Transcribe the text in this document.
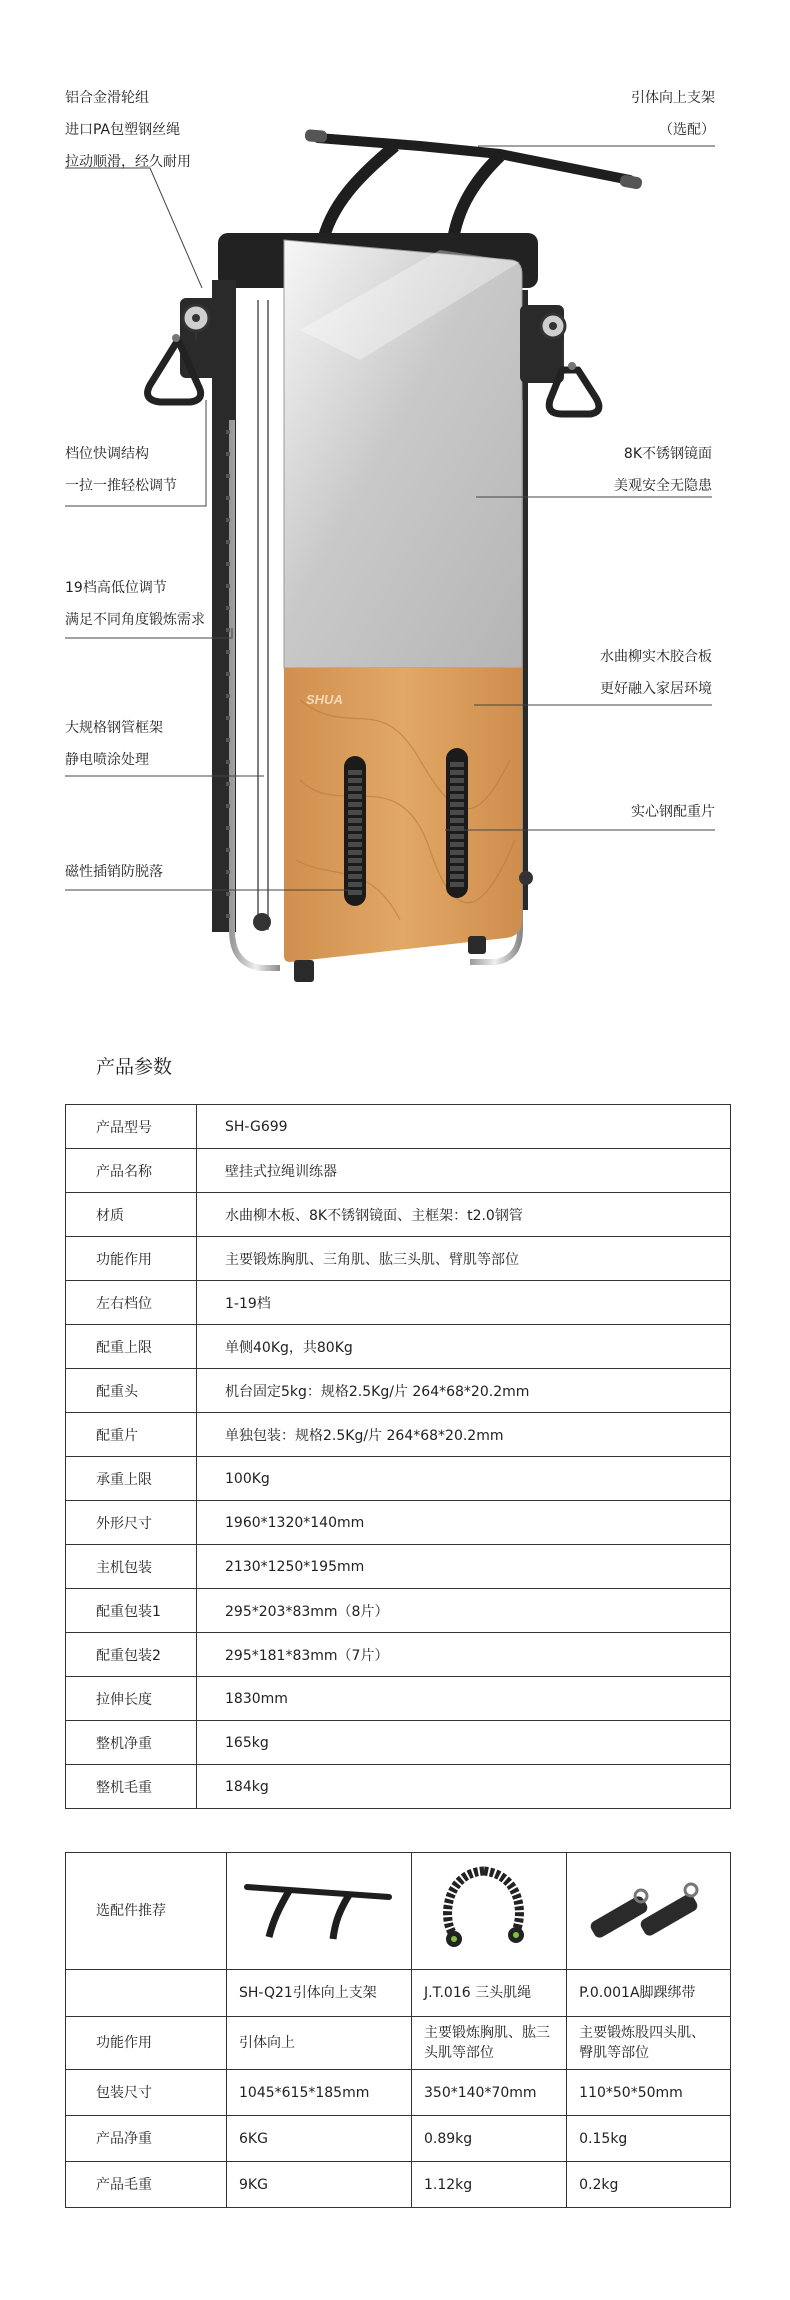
SHUA
铝合金滑轮组
进口PA包塑钢丝绳
拉动顺滑，经久耐用
引体向上支架
（选配）
档位快调结构
一拉一推轻松调节
8K不锈钢镜面
美观安全无隐患
19档高低位调节
满足不同角度锻炼需求
水曲柳实木胶合板
更好融入家居环境
大规格钢管框架
静电喷涂处理
实心钢配重片
磁性插销防脱落
产品参数
产品型号	SH-G699
产品名称	壁挂式拉绳训练器
材质	水曲柳木板、8K不锈钢镜面、主框架：t2.0钢管
功能作用	主要锻炼胸肌、三角肌、肱三头肌、臂肌等部位
左右档位	1-19档
配重上限	单侧40Kg，共80Kg
配重头	机台固定5kg：规格2.5Kg/片 264*68*20.2mm
配重片	单独包装：规格2.5Kg/片 264*68*20.2mm
承重上限	100Kg
外形尺寸	1960*1320*140mm
主机包装	2130*1250*195mm
配重包装1	295*203*83mm（8片）
配重包装2	295*181*83mm（7片）
拉伸长度	1830mm
整机净重	165kg
整机毛重	184kg
选配件推荐			
	SH-Q21引体向上支架	J.T.016 三头肌绳	P.0.001A脚踝绑带
功能作用	引体向上	主要锻炼胸肌、肱三头肌等部位	主要锻炼股四头肌、臀肌等部位
包装尺寸	1045*615*185mm	350*140*70mm	110*50*50mm
产品净重	6KG	0.89kg	0.15kg
产品毛重	9KG	1.12kg	0.2kg
